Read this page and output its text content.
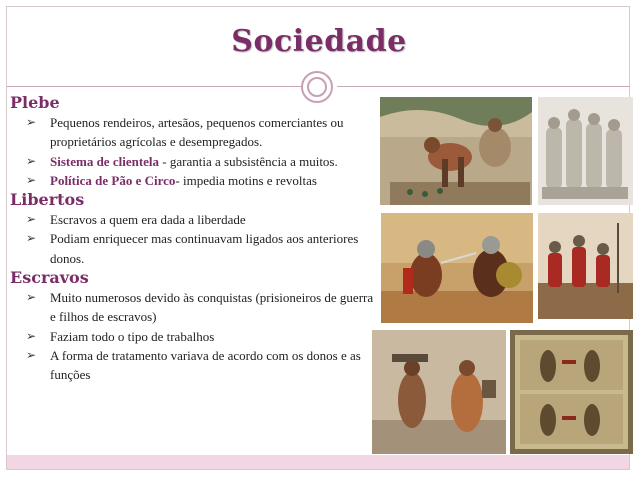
Sociedade
Plebe
➢ Pequenos rendeiros, artesãos, pequenos comerciantes ou proprietários agrícolas e desempregados.
➢ Sistema de clientela - garantia a subsistência a muitos.
➢ Política de Pão e Circo- impedia motins e revoltas
Libertos
➢ Escravos a quem era dada a liberdade
➢ Podiam enriquecer mas continuavam ligados aos anteriores donos.
Escravos
➢ Muito numerosos devido às conquistas (prisioneiros de guerra e filhos de escravos)
➢ Faziam todo o tipo de trabalhos
➢ A forma de tratamento variava de acordo com os donos e as funções
